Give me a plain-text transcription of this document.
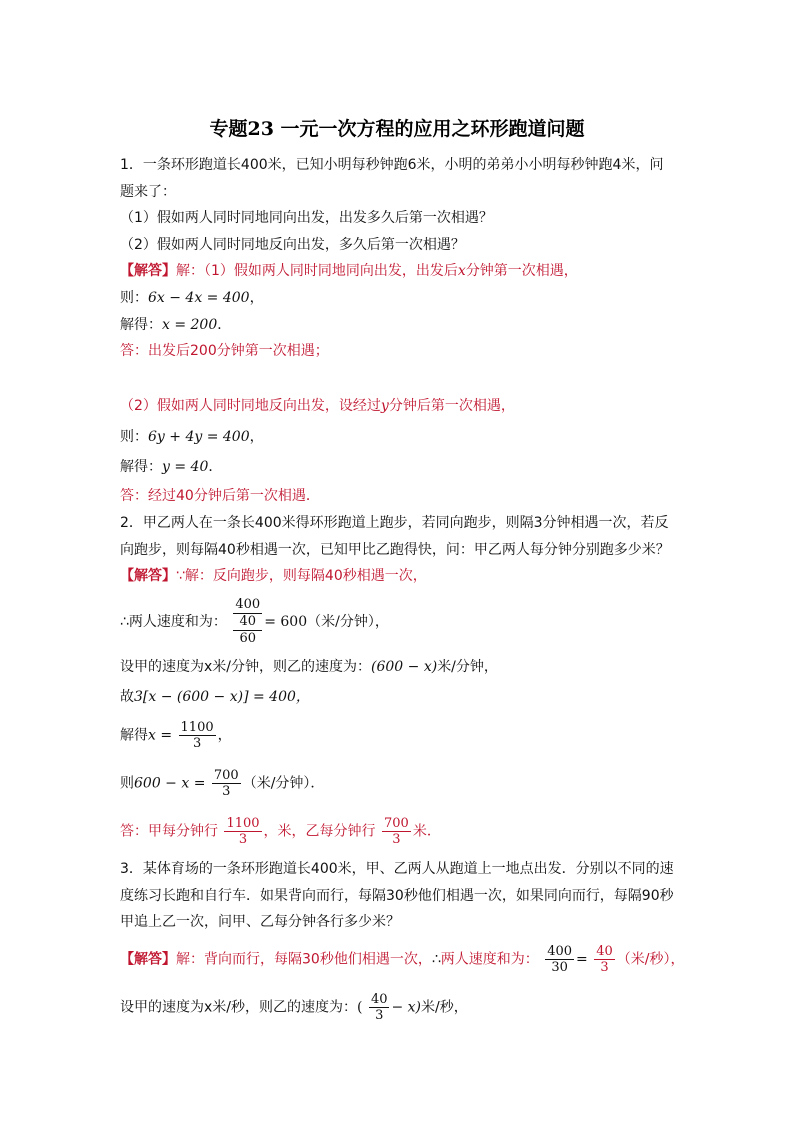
专题23 一元一次方程的应用之环形跑道问题
1．一条环形跑道长400米，已知小明每秒钟跑6米，小明的弟弟小小明每秒钟跑4米，问
题来了：
（1）假如两人同时同地同向出发，出发多久后第一次相遇？
（2）假如两人同时同地反向出发，多久后第一次相遇？
【解答】解：（1）假如两人同时同地同向出发，出发后x分钟第一次相遇，
则：6x − 4x = 400，
解得：x = 200．
答：出发后200分钟第一次相遇；
（2）假如两人同时同地反向出发，设经过y分钟后第一次相遇，
则：6y + 4y = 400，
解得：y = 40．
答：经过40分钟后第一次相遇．
2．甲乙两人在一条长400米得环形跑道上跑步，若同向跑步，则隔3分钟相遇一次，若反
向跑步，则每隔40秒相遇一次，已知甲比乙跑得快，问：甲乙两人每分钟分别跑多少米？
【解答】∵解：反向跑步，则每隔40秒相遇一次，
∴两人速度和为：
400
40
60
= 600（米/分钟），
设甲的速度为x米/分钟，则乙的速度为：(600 − x)米/分钟，
故3[x − (600 − x)] = 400，
解得$x = \frac{1100}{3}$ ，
则$600 - x = \frac{700}{3}$ （米/分钟）．
答：甲每分钟行 $\frac{1100}{3}$ ，米，乙每分钟行 $\frac{700}{3}$ 米．
3．某体育场的一条环形跑道长400米，甲、乙两人从跑道上一地点出发．分别以不同的速
度练习长跑和自行车．如果背向而行，每隔30秒他们相遇一次，如果同向而行，每隔90秒
甲追上乙一次，问甲、乙每分钟各行多少米？
【解答】解：背向而行，每隔30秒他们相遇一次，∴两人速度和为： $\frac{400}{30} = \frac{40}{3}$ （米/秒），
设甲的速度为x米/秒，则乙的速度为：( $\frac{40}{3} - x$)米/秒，
